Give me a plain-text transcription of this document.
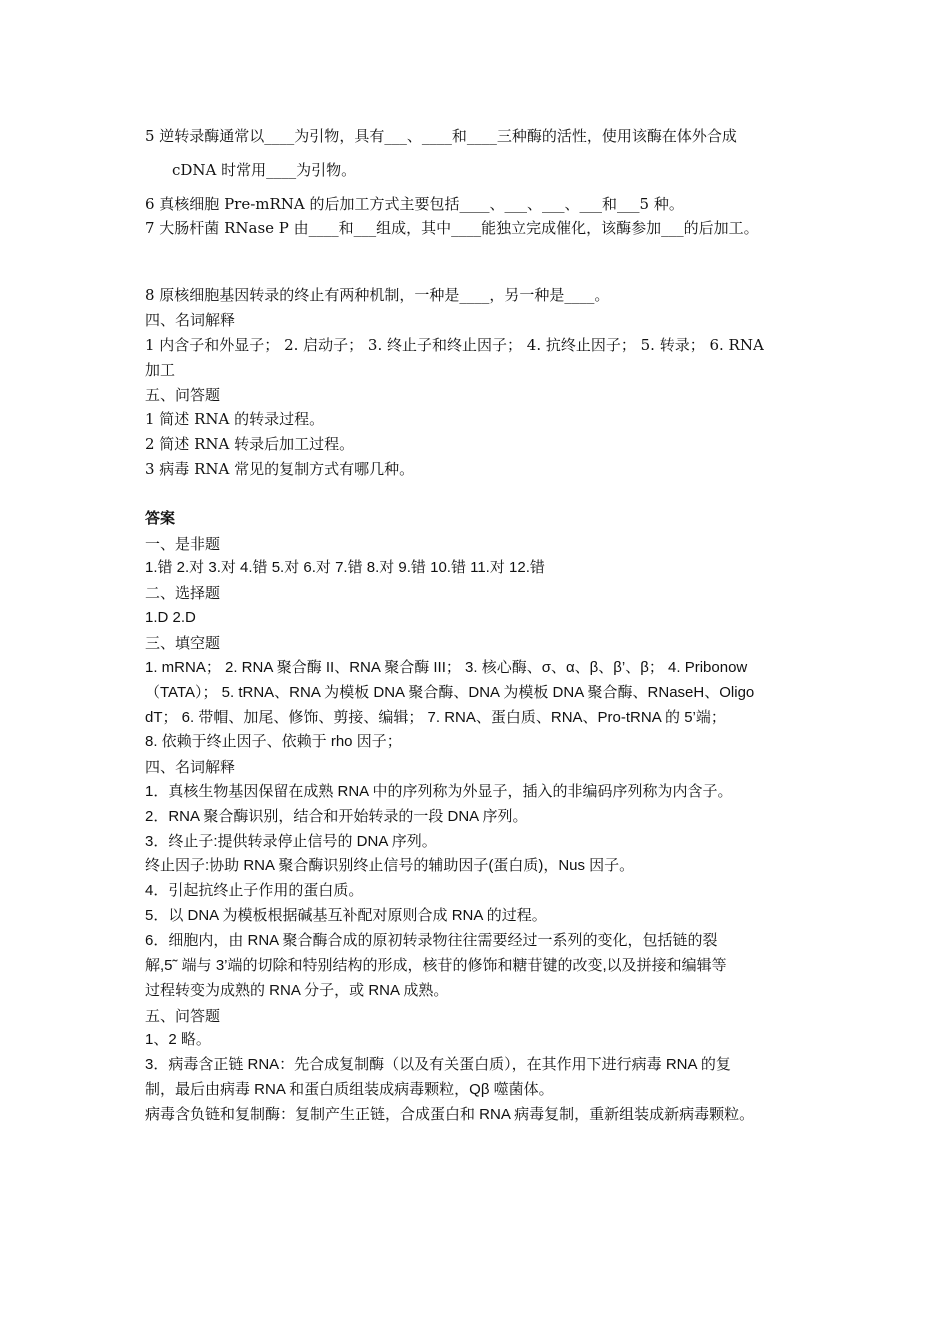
5 逆转录酶通常以____为引物，具有___、____和____三种酶的活性，使用该酶在体外合成
cDNA 时常用____为引物。
6 真核细胞 Pre-mRNA 的后加工方式主要包括____、___、___、___和___5 种。
7 大肠杆菌 RNase P 由____和___组成，其中____能独立完成催化，该酶参加___的后加工。
8 原核细胞基因转录的终止有两种机制，一种是____，另一种是____。
四、名词解释
1 内含子和外显子； 2. 启动子； 3. 终止子和终止因子； 4. 抗终止因子； 5. 转录； 6. RNA
加工
五、问答题
1 简述 RNA 的转录过程。
2 简述 RNA 转录后加工过程。
3 病毒 RNA 常见的复制方式有哪几种。
答案
一、是非题
1.错 2.对 3.对 4.错 5.对 6.对 7.错 8.对 9.错 10.错 11.对 12.错
二、选择题
1.D 2.D
三、填空题
1. mRNA； 2. RNA 聚合酶 II、RNA 聚合酶 III； 3. 核心酶、σ、α、β、β’、β； 4. Pribonow
（TATA）； 5. tRNA、RNA 为模板 DNA 聚合酶、DNA 为模板 DNA 聚合酶、RNaseH、Oligo
dT； 6. 带帽、加尾、修饰、剪接、编辑； 7. RNA、蛋白质、RNA、Pro-tRNA 的 5’端；
8. 依赖于终止因子、依赖于 rho 因子；
四、名词解释
1．真核生物基因保留在成熟 RNA 中的序列称为外显子，插入的非编码序列称为内含子。
2．RNA 聚合酶识别，结合和开始转录的一段 DNA 序列。
3．终止子:提供转录停止信号的 DNA 序列。
终止因子:协助 RNA 聚合酶识别终止信号的辅助因子(蛋白质)，Nus 因子。
4．引起抗终止子作用的蛋白质。
5．以 DNA 为模板根据碱基互补配对原则合成 RNA 的过程。
6．细胞内，由 RNA 聚合酶合成的原初转录物往往需要经过一系列的变化，包括链的裂
解,5˜ 端与 3’端的切除和特别结构的形成，核苷的修饰和糖苷键的改变,以及拼接和编辑等
过程转变为成熟的 RNA 分子，或 RNA 成熟。
五、问答题
1、2 略。
3．病毒含正链 RNA：先合成复制酶（以及有关蛋白质），在其作用下进行病毒 RNA 的复
制，最后由病毒 RNA 和蛋白质组装成病毒颗粒，Qβ 噬菌体。
病毒含负链和复制酶：复制产生正链，合成蛋白和 RNA 病毒复制，重新组装成新病毒颗粒。
